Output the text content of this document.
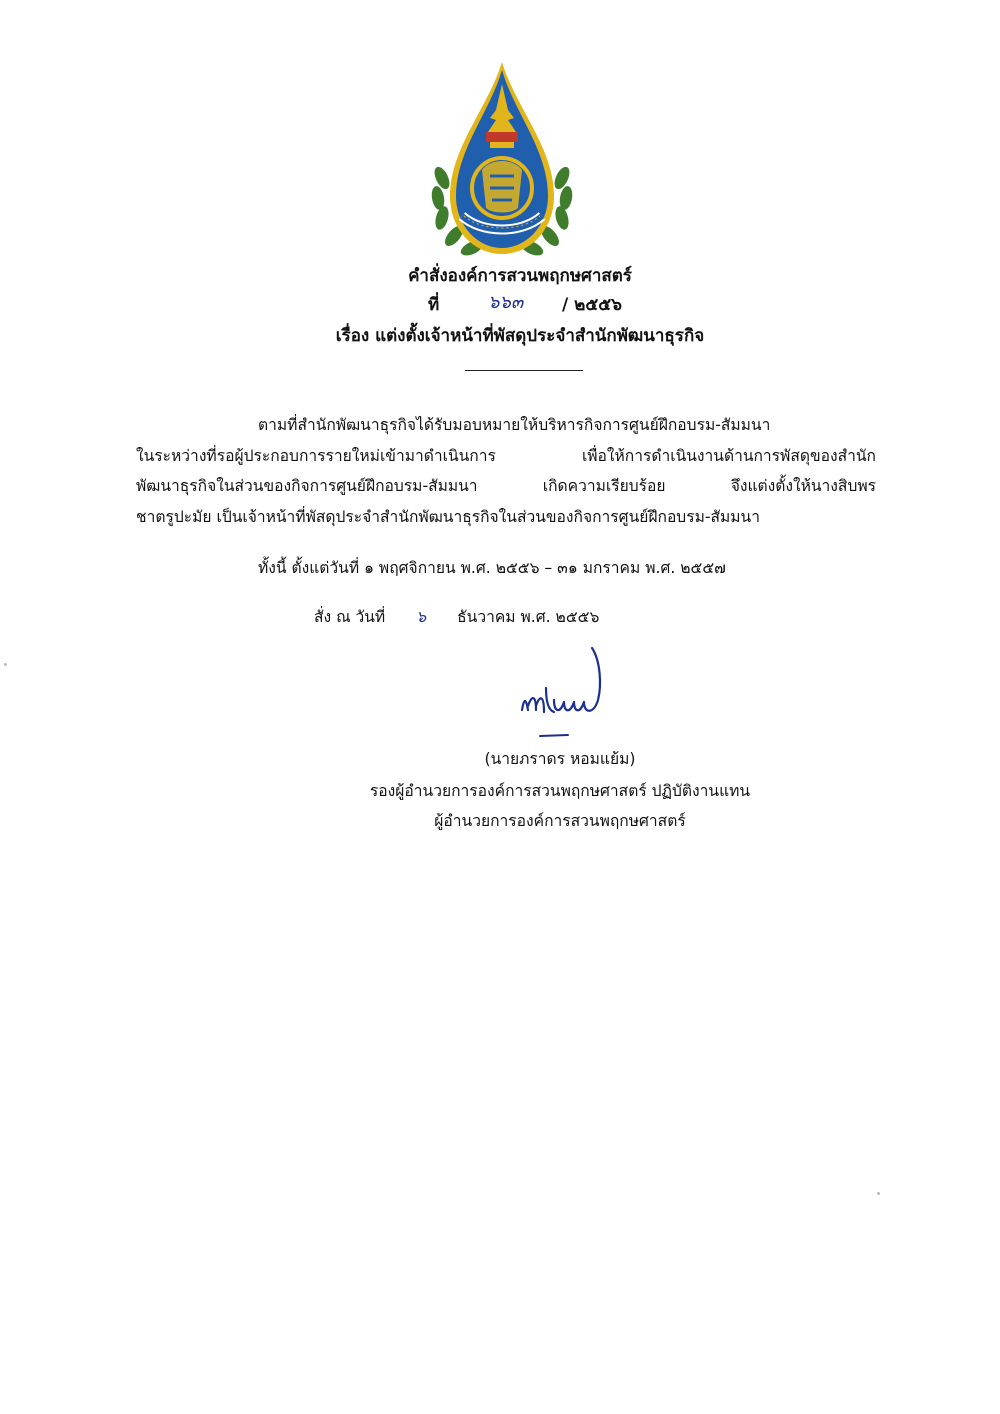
คำสั่งองค์การสวนพฤกษศาสตร์
ที่	๖๖๓ / ๒๕๕๖
เรื่อง แต่งตั้งเจ้าหน้าที่พัสดุประจำสำนักพัฒนาธุรกิจ
ตามที่สำนักพัฒนาธุรกิจได้รับมอบหมายให้บริหารกิจการศูนย์ฝึกอบรม-สัมมนา
ในระหว่างที่รอผู้ประกอบการรายใหม่เข้ามาดำเนินการ เพื่อให้การดำเนินงานด้านการพัสดุของสำนัก
พัฒนาธุรกิจในส่วนของกิจการศูนย์ฝึกอบรม-สัมมนา เกิดความเรียบร้อย จึงแต่งตั้งให้นางสิบพร
ชาตรูปะมัย เป็นเจ้าหน้าที่พัสดุประจำสำนักพัฒนาธุรกิจในส่วนของกิจการศูนย์ฝึกอบรม-สัมมนา
ทั้งนี้ ตั้งแต่วันที่ ๑ พฤศจิกายน พ.ศ. ๒๕๕๖ – ๓๑ มกราคม พ.ศ. ๒๕๕๗
สั่ง ณ วันที่ ๖ ธันวาคม พ.ศ. ๒๕๕๖
(นายภราดร หอมแย้ม)
รองผู้อำนวยการองค์การสวนพฤกษศาสตร์ ปฏิบัติงานแทน
ผู้อำนวยการองค์การสวนพฤกษศาสตร์
